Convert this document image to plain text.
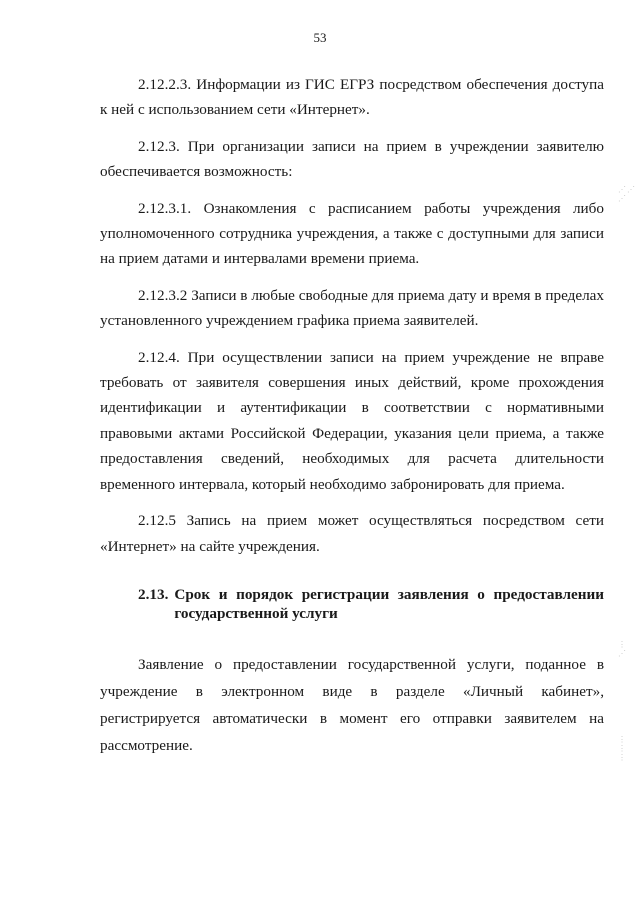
53

2.12.2.3. Информации из ГИС ЕГРЗ посредством обеспечения доступа к ней с использованием сети «Интернет».

2.12.3. При организации записи на прием в учреждении заявителю обеспечивается возможность:

2.12.3.1. Ознакомления с расписанием работы учреждения либо уполномоченного сотрудника учреждения, а также с доступными для записи на прием датами и интервалами времени приема.

2.12.3.2 Записи в любые свободные для приема дату и время в пределах установленного учреждением графика приема заявителей.

2.12.4. При осуществлении записи на прием учреждение не вправе требовать от заявителя совершения иных действий, кроме прохождения идентификации и аутентификации в соответствии с нормативными правовыми актами Российской Федерации, указания цели приема, а также предоставления сведений, необходимых для расчета длительности временного интервала, который необходимо забронировать для приема.

2.12.5 Запись на прием может осуществляться посредством сети «Интернет» на сайте учреждения.

2.13. Срок и порядок регистрации заявления о предоставлении государственной услуги

Заявление о предоставлении государственной услуги, поданное в учреждение в электронном виде в разделе «Личный кабинет», регистрируется автоматически в момент его отправки заявителем на рассмотрение.

⋰⋰
⋰
⋮
⋰
⋮
⋮
⋮
